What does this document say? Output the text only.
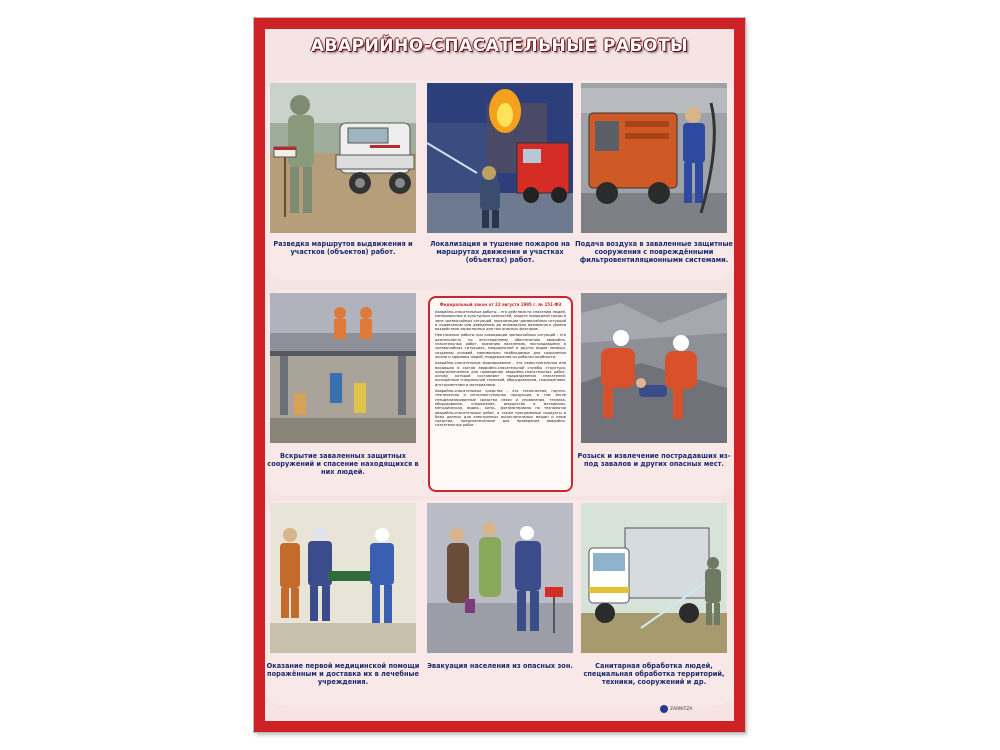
АВАРИЙНО-СПАСАТЕЛЬНЫЕ РАБОТЫ
Разведка маршрутов выдвижения и участков (объектов) работ.
Локализация и тушение пожаров на маршрутах движения и участках (объектах) работ.
Подача воздуха в заваленные защитные сооружения с повреждёнными фильтровентиляционными системами.
Вскрытие заваленных защитных сооружений и спасение находящихся в них людей.
Федеральный закон от 22 августа 1995 г. № 151-ФЗ

Аварийно-спасательные работы – это действия по спасению людей, материальных и культурных ценностей, защите природной среды в зоне чрезвычайных ситуаций, локализации чрезвычайных ситуаций и подавлению или доведению до минимально возможного уровня воздействия характерных для них опасных факторов.

Неотложные работы при ликвидации чрезвычайных ситуаций – это деятельность по всестороннему обеспечению аварийно-спасательных работ, оказанию населению, пострадавшему в чрезвычайных ситуациях, медицинской и других видов помощи, созданию условий, минимально необходимых для сохранения жизни и здоровья людей, поддержания их работоспособности.

Аварийно-спасательное формирование – это самостоятельная или входящая в состав аварийно-спасательной службы структура, предназначенная для проведения аварийно-спасательных работ, основу которой составляют подразделения спасателей, оснащённые специальной техникой, оборудованием, снаряжением, инструментами и материалами.

Аварийно-спасательные средства – это техническая, научно-техническая и интеллектуальная продукция, в том числе специализированные средства связи и управления, техника, оборудование, снаряжение, имущество и материалы, методическая, видео-, кино-, фотоматериалы по технологии аварийно-спасательных работ, а также программные продукты и базы данных для электронных вычислительных машин и иные средства, предназначенные для проведения аварийно-спасательных работ.

Розыск и извлечение пострадавших из-под завалов и других опасных мест.
Оказание первой медицинской помощи поражённым и доставка их в лечебные учреждения.
Эвакуация населения из опасных зон.	Санитарная обработка людей, специальная обработка территорий, техники, сооружений и др.
ZARNITZA
